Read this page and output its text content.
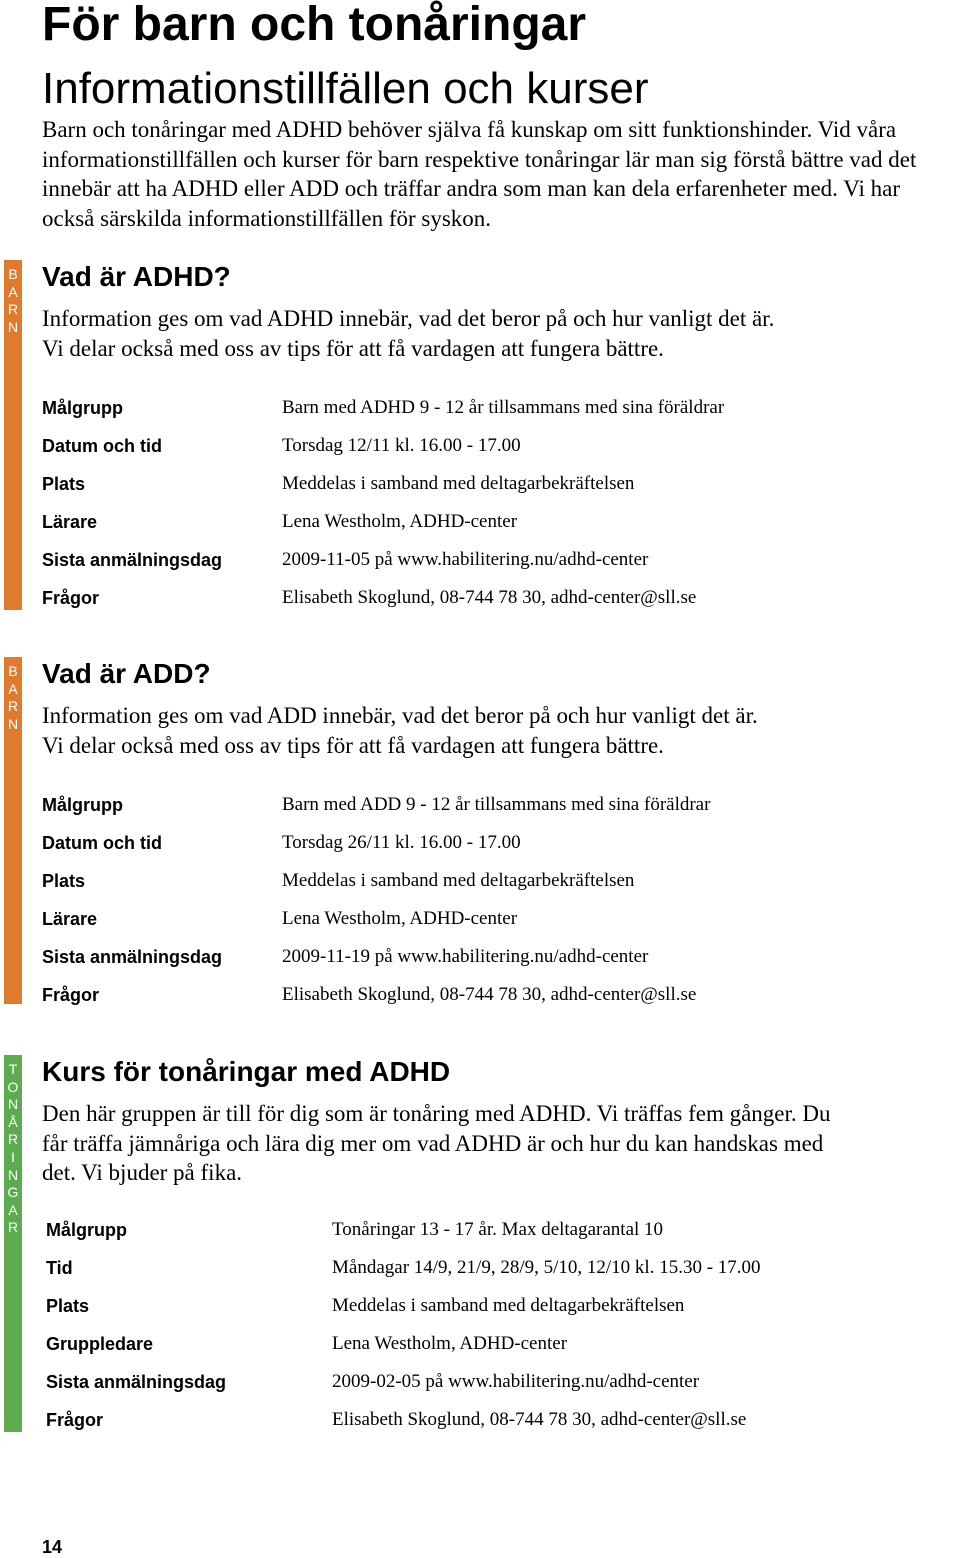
För barn och tonåringar
Informationstillfällen och kurser

Barn och tonåringar med ADHD behöver själva få kunskap om sitt funktionshinder. Vid våra informationstillfällen och kurser för barn respektive tonåringar lär man sig förstå bättre vad det innebär att ha ADHD eller ADD och träffar andra som man kan dela erfarenheter med. Vi har också särskilda informationstillfällen för syskon.

B
A
R
N
Vad är ADHD?

Information ges om vad ADHD innebär, vad det beror på och hur vanligt det är.
Vi delar också med oss av tips för att få vardagen att fungera bättre.

Målgrupp	Barn med ADHD 9 - 12 år tillsammans med sina föräldrar
Datum och tid	Torsdag 12/11 kl. 16.00 - 17.00
Plats	Meddelas i samband med deltagarbekräftelsen
Lärare	Lena Westholm, ADHD-center
Sista anmälningsdag	2009-11-05 på www.habilitering.nu/adhd-center
Frågor	Elisabeth Skoglund, 08-744 78 30, adhd-center@sll.se
B
A
R
N
Vad är ADD?

Information ges om vad ADD innebär, vad det beror på och hur vanligt det är.
Vi delar också med oss av tips för att få vardagen att fungera bättre.

Målgrupp	Barn med ADD 9 - 12 år tillsammans med sina föräldrar
Datum och tid	Torsdag 26/11 kl. 16.00 - 17.00
Plats	Meddelas i samband med deltagarbekräftelsen
Lärare	Lena Westholm, ADHD-center
Sista anmälningsdag	2009-11-19 på www.habilitering.nu/adhd-center
Frågor	Elisabeth Skoglund, 08-744 78 30, adhd-center@sll.se
T
O
N
Å
R
I
N
G
A
R
Kurs för tonåringar med ADHD

Den här gruppen är till för dig som är tonåring med ADHD. Vi träffas fem gånger. Du
får träffa jämnåriga och lära dig mer om vad ADHD är och hur du kan handskas med
det. Vi bjuder på fika.

Målgrupp	Tonåringar 13 - 17 år. Max deltagarantal 10
Tid	Måndagar 14/9, 21/9, 28/9, 5/10, 12/10 kl. 15.30 - 17.00
Plats	Meddelas i samband med deltagarbekräftelsen
Gruppledare	Lena Westholm, ADHD-center
Sista anmälningsdag	2009-02-05 på www.habilitering.nu/adhd-center
Frågor	Elisabeth Skoglund, 08-744 78 30, adhd-center@sll.se
14
